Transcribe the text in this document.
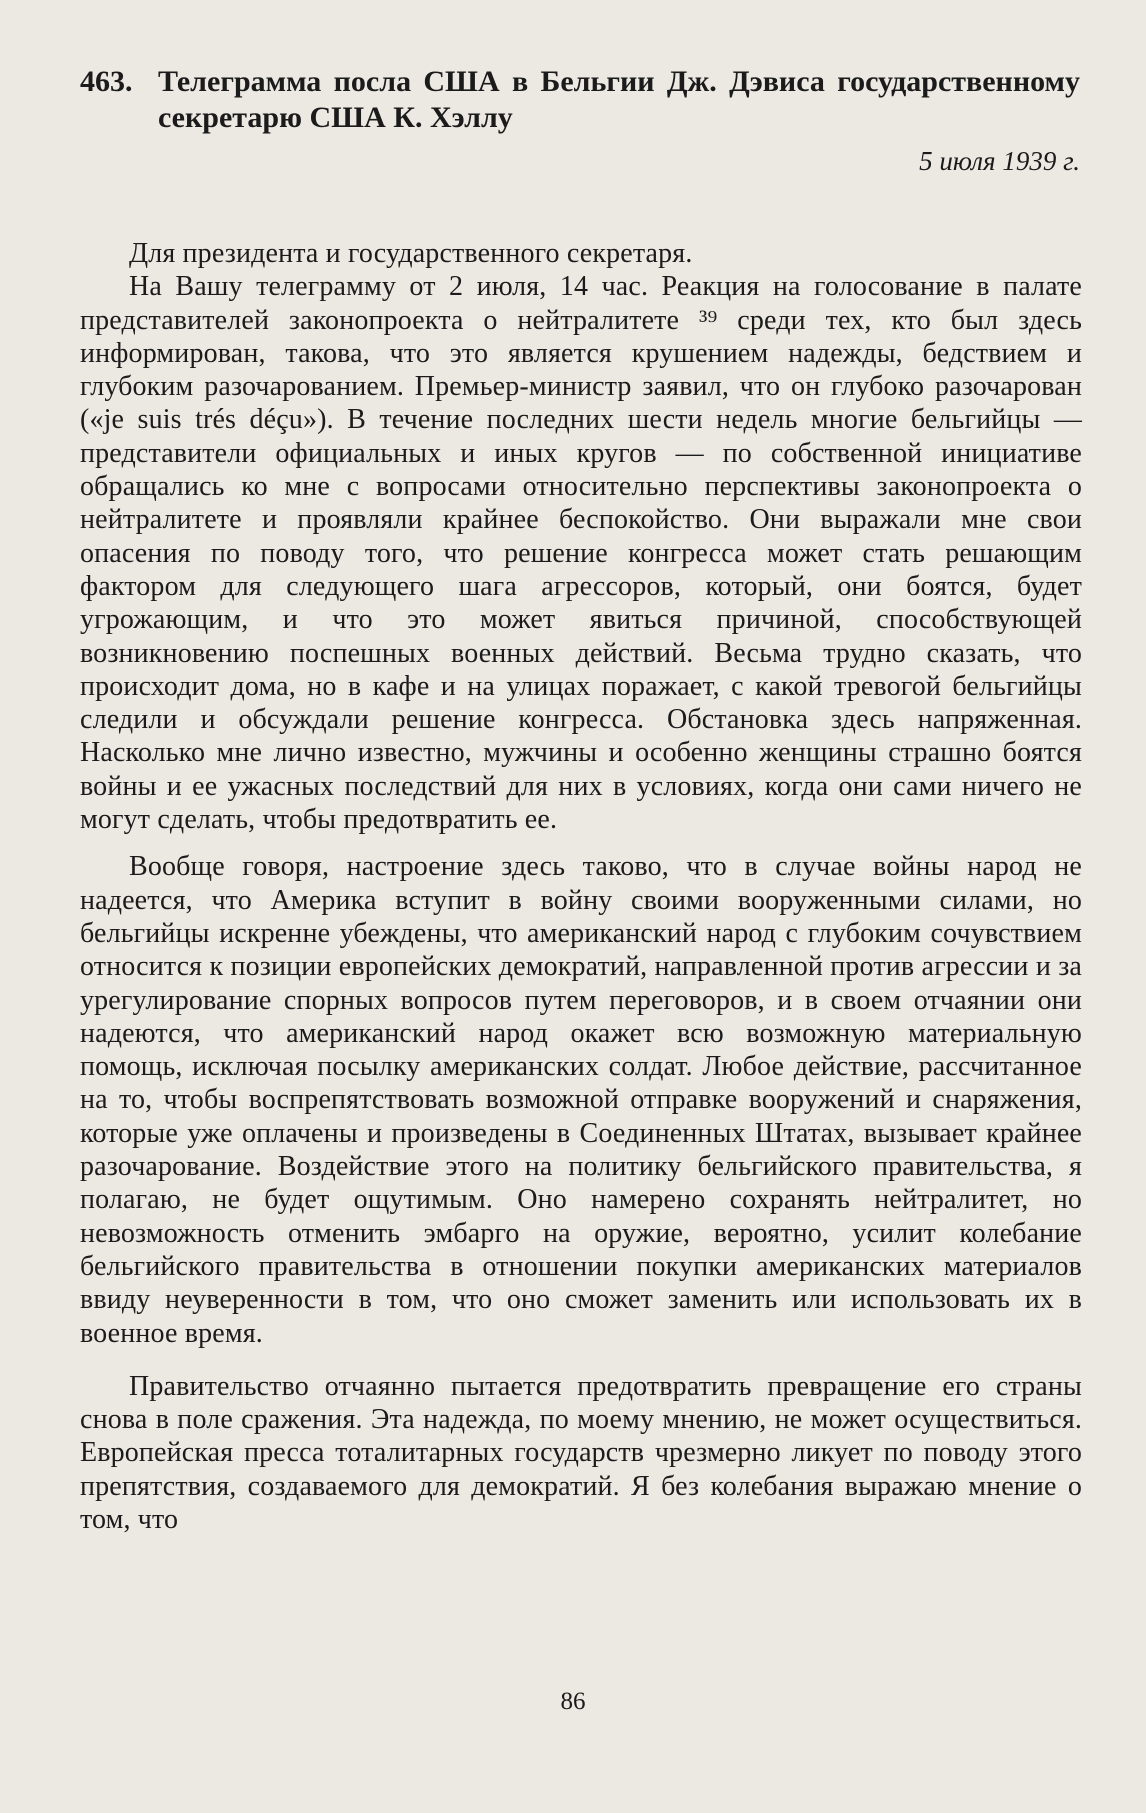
463. Телеграмма посла США в Бельгии Дж. Дэвиса государственному секретарю США К. Хэллу
5 июля 1939 г.

Для президента и государственного секретаря.

На Вашу телеграмму от 2 июля, 14 час. Реакция на голосование в палате представителей законопроекта о нейтралитете ³⁹ среди тех, кто был здесь информирован, такова, что это является крушением надежды, бедствием и глубоким разочарованием. Премьер-министр заявил, что он глубоко разочарован («je suis trés déçu»). В течение последних шести недель многие бельгийцы — представители официальных и иных кругов — по собственной инициативе обращались ко мне с вопросами относительно перспективы законопроекта о нейтралитете и проявляли крайнее беспокойство. Они выражали мне свои опасения по поводу того, что решение конгресса может стать решающим фактором для следующего шага агрессоров, который, они боятся, будет угрожающим, и что это может явиться причиной, способствующей возникновению поспешных военных действий. Весьма трудно сказать, что происходит дома, но в кафе и на улицах поражает, с какой тревогой бельгийцы следили и обсуждали решение конгресса. Обстановка здесь напряженная. Насколько мне лично известно, мужчины и особенно женщины страшно боятся войны и ее ужасных последствий для них в условиях, когда они сами ничего не могут сделать, чтобы предотвратить ее.

Вообще говоря, настроение здесь таково, что в случае войны народ не надеется, что Америка вступит в войну своими вооруженными силами, но бельгийцы искренне убеждены, что американский народ с глубоким сочувствием относится к позиции европейских демократий, направленной против агрессии и за урегулирование спорных вопросов путем переговоров, и в своем отчаянии они надеются, что американский народ окажет всю возможную материальную помощь, исключая посылку американских солдат. Любое действие, рассчитанное на то, чтобы воспрепятствовать возможной отправке вооружений и снаряжения, которые уже оплачены и произведены в Соединенных Штатах, вызывает крайнее разочарование. Воздействие этого на политику бельгийского правительства, я полагаю, не будет ощутимым. Оно намерено сохранять нейтралитет, но невозможность отменить эмбарго на оружие, вероятно, усилит колебание бельгийского правительства в отношении покупки американских материалов ввиду неуверенности в том, что оно сможет заменить или использовать их в военное время.

Правительство отчаянно пытается предотвратить превращение его страны снова в поле сражения. Эта надежда, по моему мнению, не может осуществиться. Европейская пресса тоталитарных государств чрезмерно ликует по поводу этого препятствия, создаваемого для демократий. Я без колебания выражаю мнение о том, что

86
